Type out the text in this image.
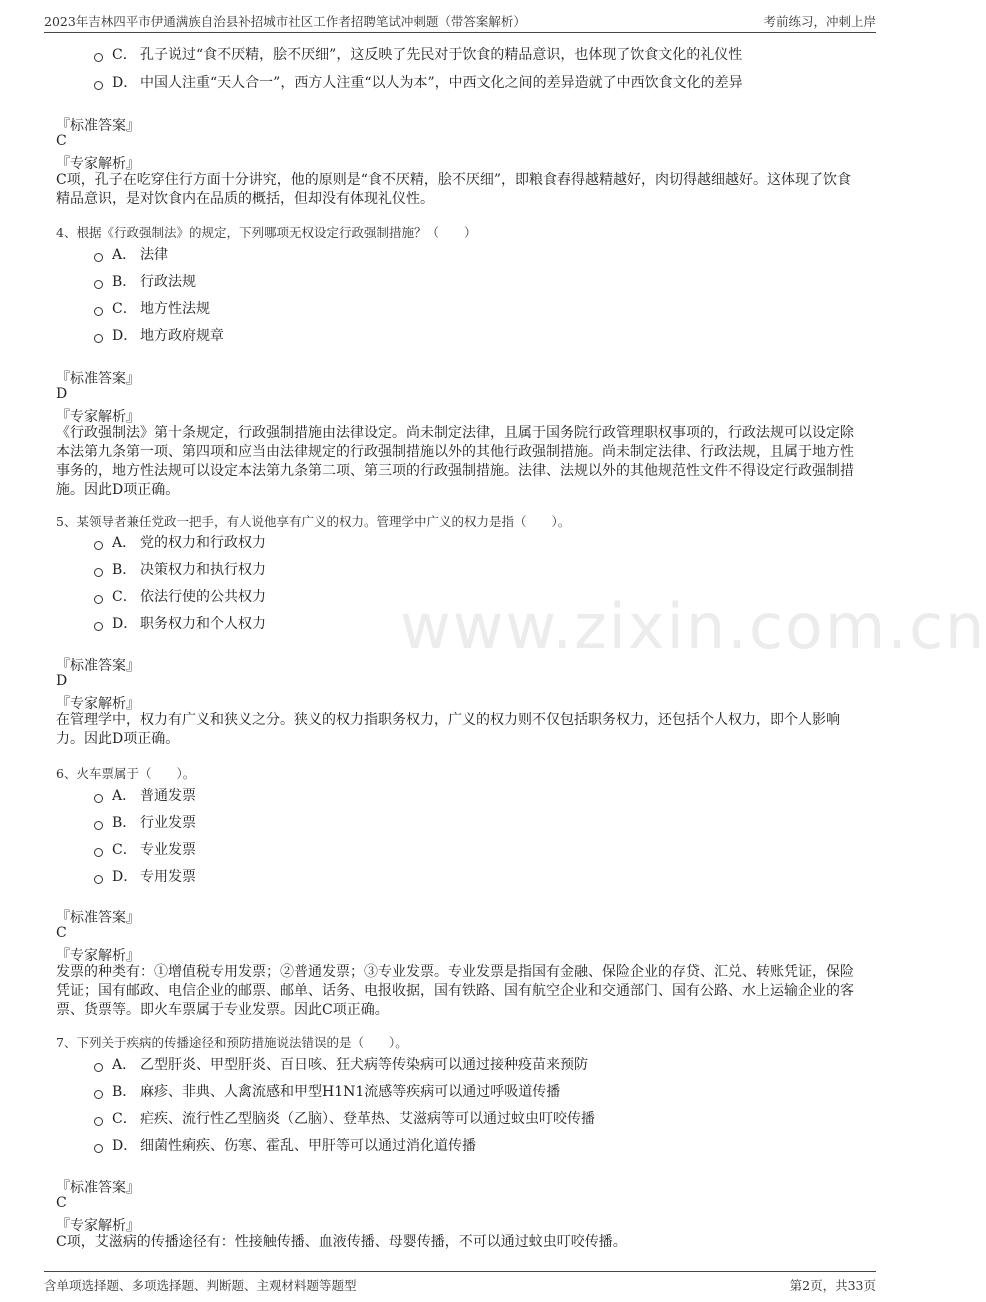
2023年吉林四平市伊通满族自治县补招城市社区工作者招聘笔试冲刺题（带答案解析）	考前练习，冲刺上岸
www.zixin.com.cn
C． 孔子说过“食不厌精，脍不厌细”，这反映了先民对于饮食的精品意识，也体现了饮食文化的礼仪性
D． 中国人注重“天人合一”，西方人注重“以人为本”，中西文化之间的差异造就了中西饮食文化的差异
『标准答案』
C
『专家解析』
C项，孔子在吃穿住行方面十分讲究，他的原则是“食不厌精，脍不厌细”，即粮食舂得越精越好，肉切得越细越好。这体现了饮食精品意识，是对饮食内在品质的概括，但却没有体现礼仪性。
4、根据《行政强制法》的规定，下列哪项无权设定行政强制措施？（　　）
A． 法律
B． 行政法规
C． 地方性法规
D． 地方政府规章
『标准答案』
D
『专家解析』
《行政强制法》第十条规定，行政强制措施由法律设定。尚未制定法律，且属于国务院行政管理职权事项的，行政法规可以设定除本法第九条第一项、第四项和应当由法律规定的行政强制措施以外的其他行政强制措施。尚未制定法律、行政法规，且属于地方性事务的，地方性法规可以设定本法第九条第二项、第三项的行政强制措施。法律、法规以外的其他规范性文件不得设定行政强制措施。因此D项正确。
5、某领导者兼任党政一把手，有人说他享有广义的权力。管理学中广义的权力是指（　　）。
A． 党的权力和行政权力
B． 决策权力和执行权力
C． 依法行使的公共权力
D． 职务权力和个人权力
『标准答案』
D
『专家解析』
在管理学中，权力有广义和狭义之分。狭义的权力指职务权力，广义的权力则不仅包括职务权力，还包括个人权力，即个人影响力。因此D项正确。
6、火车票属于（　　）。
A． 普通发票
B． 行业发票
C． 专业发票
D． 专用发票
『标准答案』
C
『专家解析』
发票的种类有：①增值税专用发票；②普通发票；③专业发票。专业发票是指国有金融、保险企业的存贷、汇兑、转账凭证，保险凭证；国有邮政、电信企业的邮票、邮单、话务、电报收据，国有铁路、国有航空企业和交通部门、国有公路、水上运输企业的客票、货票等。即火车票属于专业发票。因此C项正确。
7、下列关于疾病的传播途径和预防措施说法错误的是（　　）。
A． 乙型肝炎、甲型肝炎、百日咳、狂犬病等传染病可以通过接种疫苗来预防
B． 麻疹、非典、人禽流感和甲型H1N1流感等疾病可以通过呼吸道传播
C． 疟疾、流行性乙型脑炎（乙脑）、登革热、艾滋病等可以通过蚊虫叮咬传播
D． 细菌性痢疾、伤寒、霍乱、甲肝等可以通过消化道传播
『标准答案』
C
『专家解析』
C项，艾滋病的传播途径有：性接触传播、血液传播、母婴传播，不可以通过蚊虫叮咬传播。
含单项选择题、多项选择题、判断题、主观材料题等题型	第2页，共33页
